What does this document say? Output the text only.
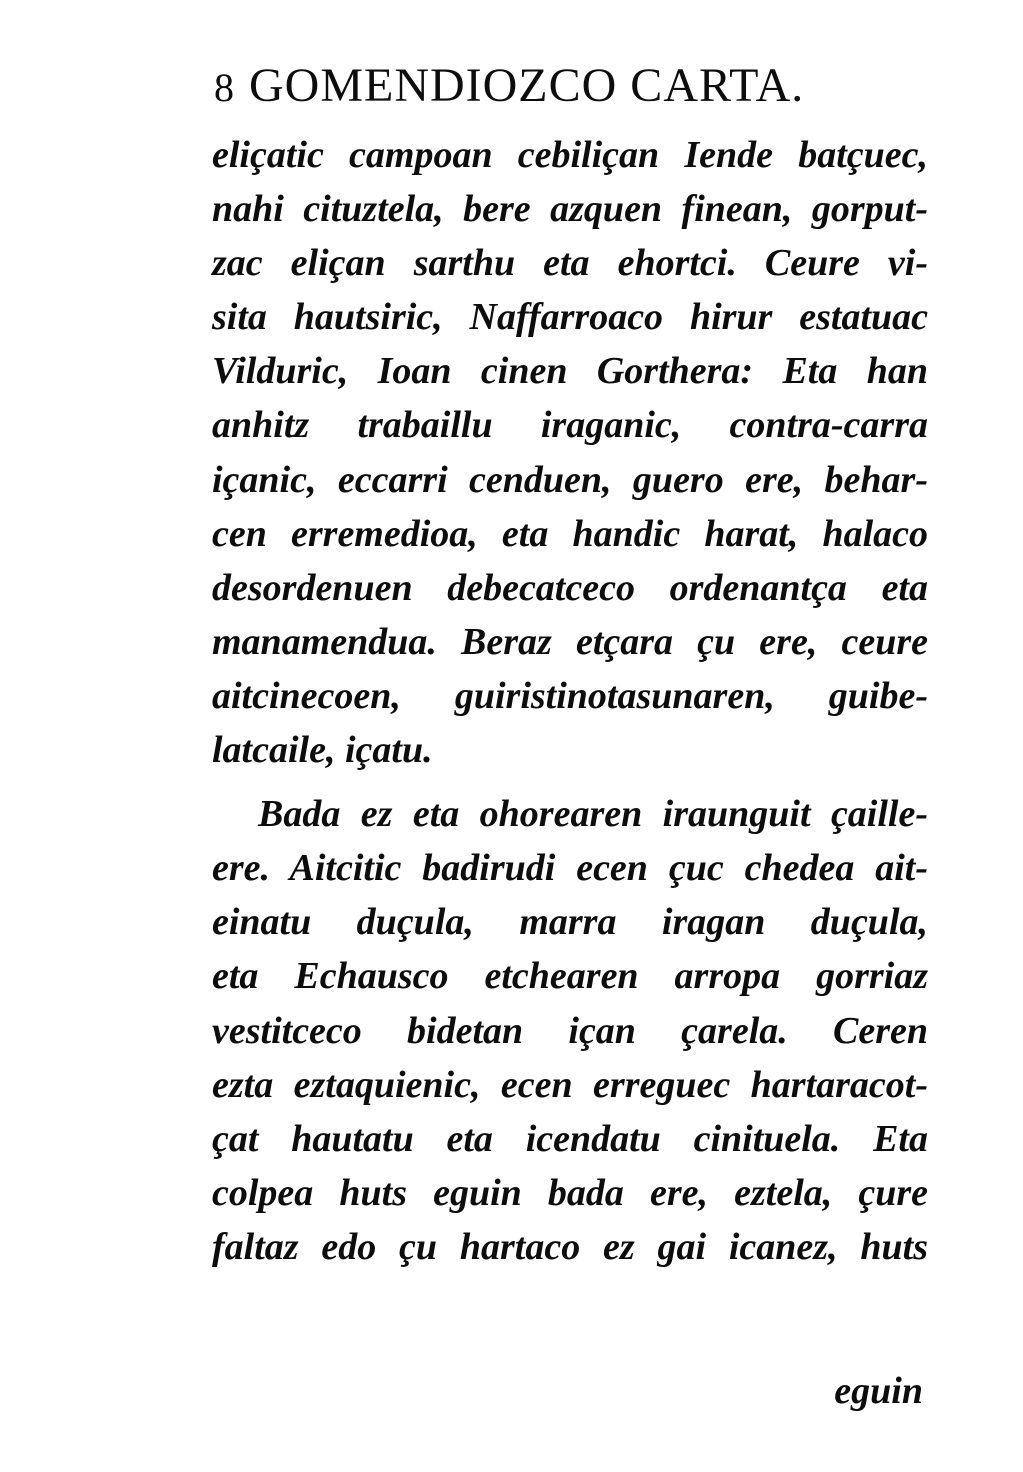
8 GOMENDIOZCO CARTA.
eliçatic campoan cebiliçan Iende batçuec,
nahi cituztela, bere azquen finean, gorput-
zac eliçan sarthu eta ehortci. Ceure vi-
sita hautsiric, Naffarroaco hirur estatuac
Vilduric, Ioan cinen Gorthera: Eta han
anhitz trabaillu iraganic, contra-carra
içanic, eccarri cenduen, guero ere, behar-
cen erremedioa, eta handic harat, halaco
desordenuen debecatceco ordenantça eta
manamendua. Beraz etçara çu ere, ceure
aitcinecoen, guiristinotasunaren, guibe-
latcaile, içatu.
Bada ez eta ohorearen iraunguit çaille-
ere. Aitcitic badirudi ecen çuc chedea ait-
einatu duçula, marra iragan duçula,
eta Echausco etchearen arropa gorriaz
vestitceco bidetan içan çarela. Ceren
ezta eztaquienic, ecen erreguec hartaracot-
çat hautatu eta icendatu cinituela. Eta
colpea huts eguin bada ere, eztela, çure
faltaz edo çu hartaco ez gai icanez, huts
eguin
